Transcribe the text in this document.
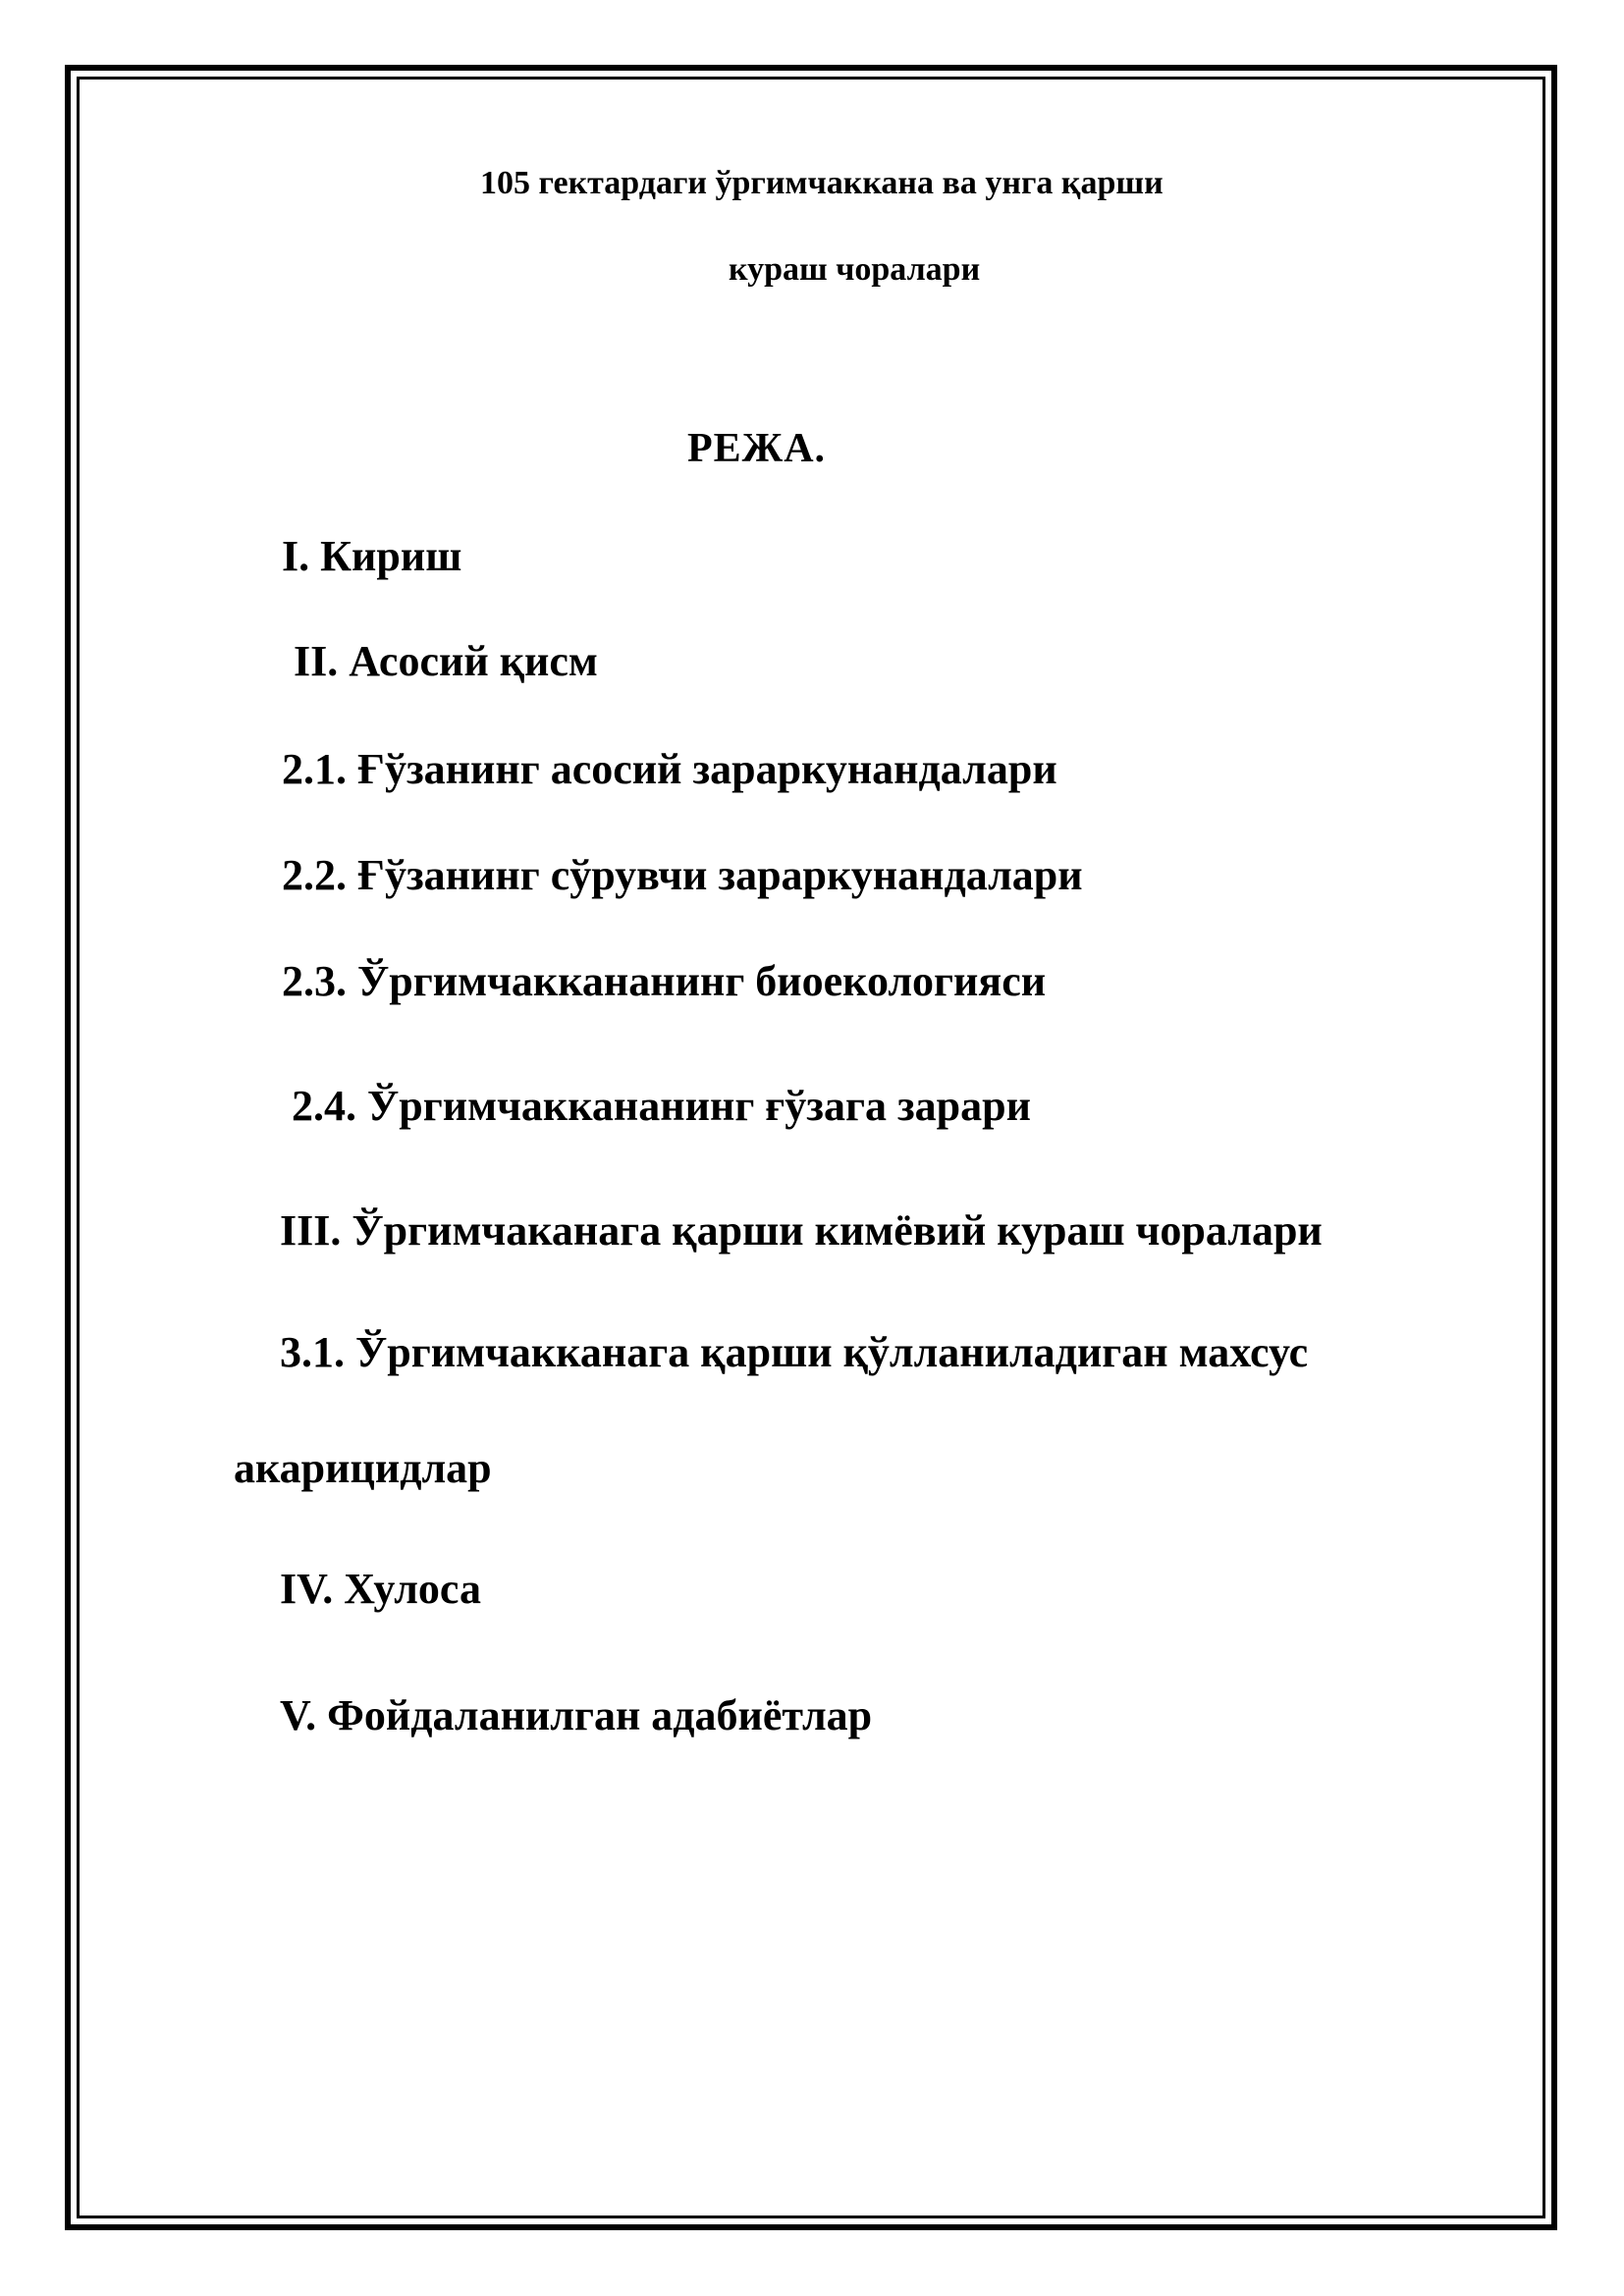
105 гектардаги ўргимчаккана ва унга қарши
кураш чоралари
РЕЖА.
I. Кириш
II. Асосий қисм
2.1. Ғўзанинг асосий зараркунандалари
2.2. Ғўзанинг сўрувчи зараркунандалари
2.3. Ўргимчакканaнинг биоекологияси
2.4. Ўргимчакканaнинг ғўзага зарари
III. Ўргимчаканага қарши кимёвий кураш чоралари
3.1. Ўргимчакканага қарши қўлланиладиган махсус
акарицидлар
IV. Хулоса
V. Фойдаланилган адабиётлар
